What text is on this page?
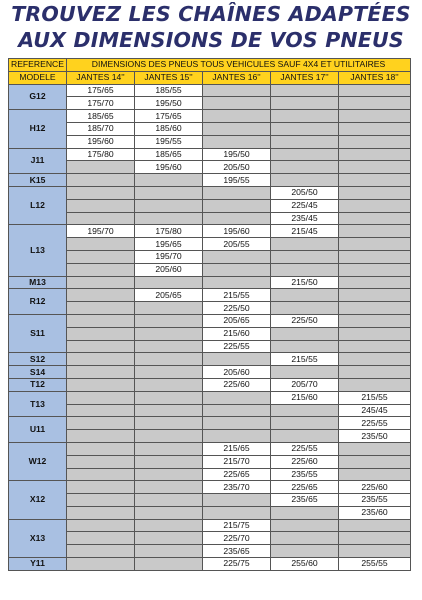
TROUVEZ LES CHAÎNES ADAPTÉES
AUX DIMENSIONS DE VOS PNEUS
REFERENCE	DIMENSIONS DES PNEUS TOUS VEHICULES SAUF 4X4 ET UTILITAIRES				
MODELE	JANTES 14''	JANTES 15''	JANTES 16''	JANTES 17''	JANTES 18''
G12	175/65	185/55			
	175/70	195/50			
H12	185/65	175/65			
	185/70	185/60			
	195/60	195/55			
J11	175/80	185/65	195/50		
		195/60	205/50		
K15			195/55		
L12				205/50	
				225/45	
				235/45	
L13	195/70	175/80	195/60	215/45	
		195/65	205/55		
		195/70			
		205/60			
M13				215/50	
R12		205/65	215/55		
			225/50		
S11			205/65	225/50	
			215/60		
			225/55		
S12				215/55	
S14			205/60		
T12			225/60	205/70	
T13				215/60	215/55
					245/45
U11					225/55
					235/50
W12			215/65	225/55	
			215/70	225/60	
			225/65	235/55	
X12			235/70	225/65	225/60
				235/65	235/55
					235/60
X13			215/75		
			225/70		
			235/65		
Y11			225/75	255/60	255/55
